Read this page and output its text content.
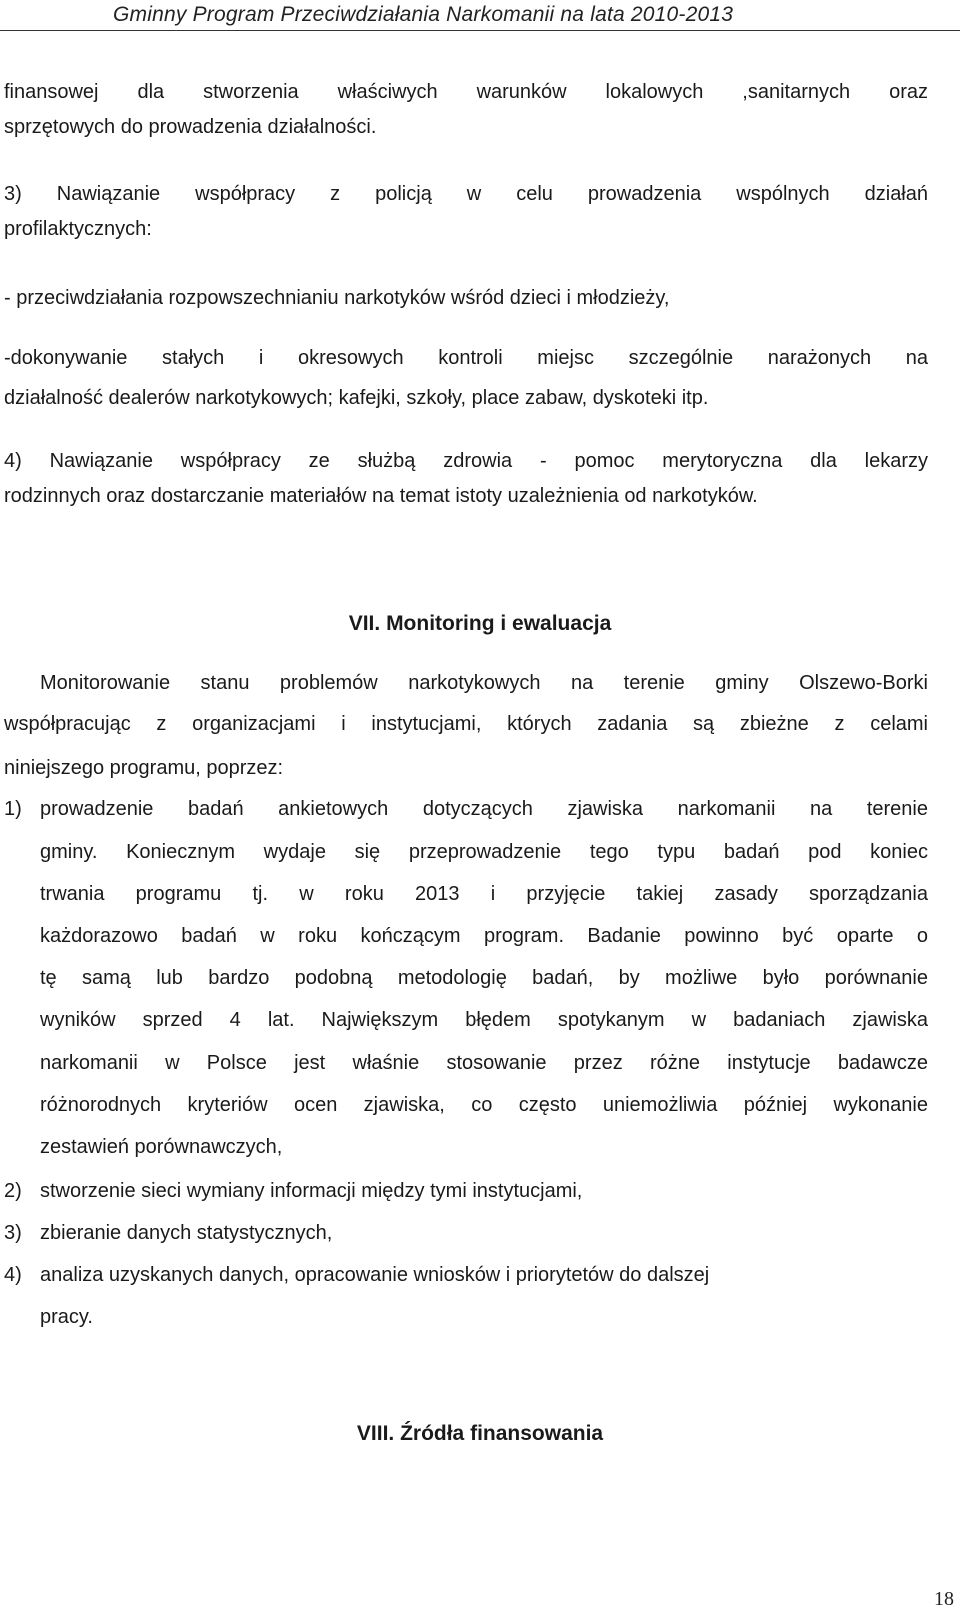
Gminny Program Przeciwdziałania Narkomanii na lata 2010-2013
finansowej dla stworzenia właściwych warunków lokalowych ,sanitarnych oraz
sprzętowych do prowadzenia działalności.
3) Nawiązanie współpracy z policją w celu prowadzenia wspólnych działań
profilaktycznych:
- przeciwdziałania rozpowszechnianiu narkotyków wśród dzieci i młodzieży,
-dokonywanie stałych i okresowych kontroli miejsc szczególnie narażonych na
działalność dealerów narkotykowych; kafejki, szkoły, place zabaw, dyskoteki itp.
4) Nawiązanie współpracy ze służbą zdrowia - pomoc merytoryczna dla lekarzy
rodzinnych oraz dostarczanie materiałów na temat istoty uzależnienia od narkotyków.
VII. Monitoring i ewaluacja
Monitorowanie stanu problemów narkotykowych na terenie gminy Olszewo-Borki
współpracując z organizacjami i instytucjami, których zadania są zbieżne z celami
niniejszego programu, poprzez:
1) prowadzenie badań ankietowych dotyczących zjawiska narkomanii na terenie
gminy. Koniecznym wydaje się przeprowadzenie tego typu badań pod koniec
trwania programu tj. w roku 2013 i przyjęcie takiej zasady sporządzania
każdorazowo badań w roku kończącym program. Badanie powinno być oparte o
tę samą lub bardzo podobną metodologię badań, by możliwe było porównanie
wyników sprzed 4 lat. Największym błędem spotykanym w badaniach zjawiska
narkomanii w Polsce jest właśnie stosowanie przez różne instytucje badawcze
różnorodnych kryteriów ocen zjawiska, co często uniemożliwia później wykonanie
zestawień porównawczych,
2) stworzenie sieci wymiany informacji między tymi instytucjami,
3) zbieranie danych statystycznych,
4) analiza uzyskanych danych, opracowanie wniosków i priorytetów do dalszej
pracy.
VIII. Źródła finansowania
18
